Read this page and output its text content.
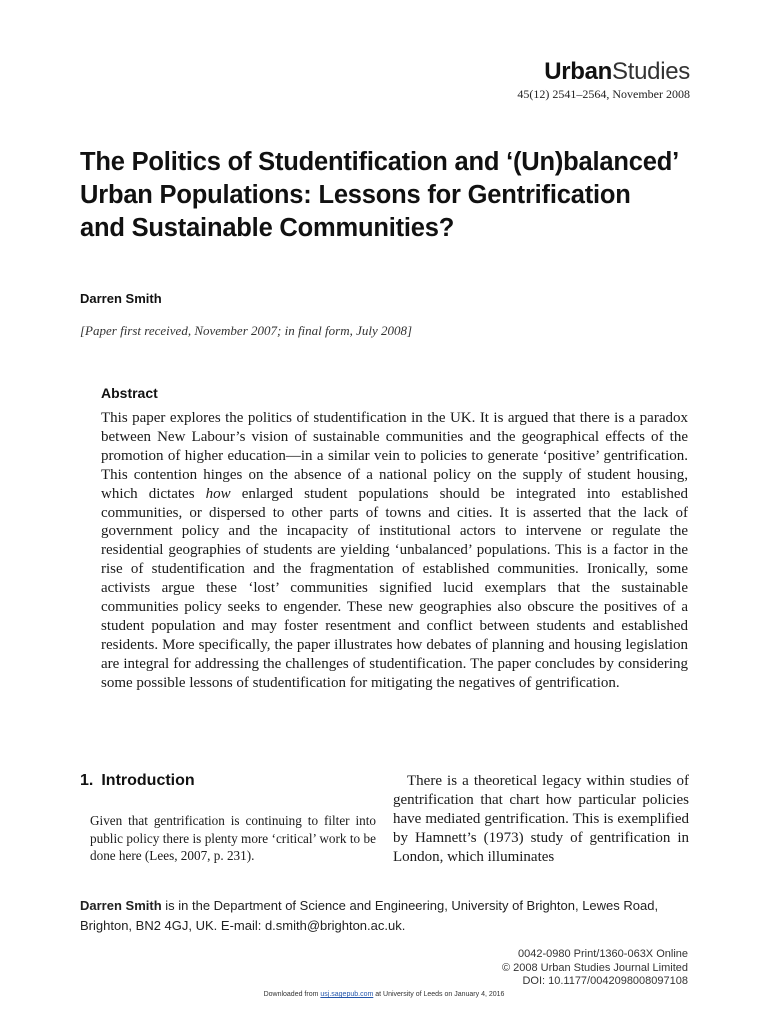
UrbanStudies
45(12) 2541–2564, November 2008
The Politics of Studentification and ‘(Un)balanced’ Urban Populations: Lessons for Gentrification and Sustainable Communities?
Darren Smith
[Paper first received, November 2007; in final form, July 2008]
Abstract

This paper explores the politics of studentification in the UK. It is argued that there is a paradox between New Labour’s vision of sustainable communities and the geographical effects of the promotion of higher education—in a similar vein to policies to generate ‘positive’ gentrification. This contention hinges on the absence of a national policy on the supply of student housing, which dictates how enlarged student populations should be integrated into established communities, or dispersed to other parts of towns and cities. It is asserted that the lack of government policy and the incapacity of institutional actors to intervene or regulate the residential geographies of students are yielding ‘unbalanced’ populations. This is a factor in the rise of studentification and the fragmentation of established communities. Ironically, some activists argue these ‘lost’ communities signified lucid exemplars that the sustainable communities policy seeks to engender. These new geographies also obscure the positives of a student population and may foster resentment and conflict between students and established residents. More specifically, the paper illustrates how debates of planning and housing legislation are integral for addressing the challenges of studentification. The paper concludes by considering some possible lessons of studentification for mitigating the negatives of gentrification.

1. Introduction

Given that gentrification is continuing to filter into public policy there is plenty more ‘critical’ work to be done here (Lees, 2007, p. 231).

There is a theoretical legacy within studies of gentrification that chart how particular policies have mediated gentrification. This is exemplified by Hamnett’s (1973) study of gentrification in London, which illuminates

Darren Smith is in the Department of Science and Engineering, University of Brighton, Lewes Road, Brighton, BN2 4GJ, UK. E-mail: d.smith@brighton.ac.uk.

0042-0980 Print/1360-063X Online
© 2008 Urban Studies Journal Limited
DOI: 10.1177/0042098008097108
Downloaded from usj.sagepub.com at University of Leeds on January 4, 2016
